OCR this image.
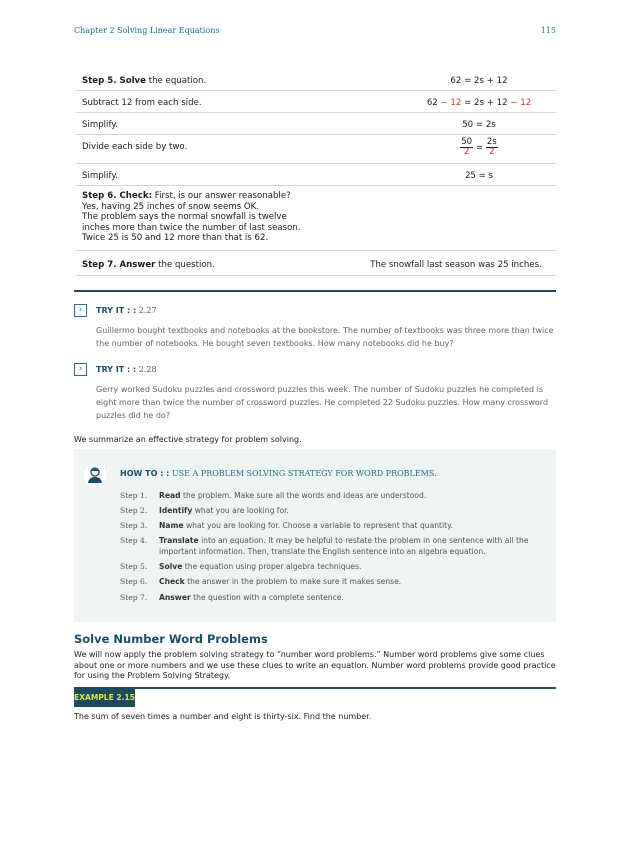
Chapter 2 Solving Linear Equations	115
Step 5. Solve the equation.	62 = 2s + 12
Subtract 12 from each side.	62 − 12 = 2s + 12 − 12
Simplify.	50 = 2s
Divide each side by two.	$\frac{50}{2} = \frac{2s}{2}$
Simplify.	25 = s
Step 6. Check: First, is our answer reasonable?
Yes, having 25 inches of snow seems OK.
The problem says the normal snowfall is twelve
inches more than twice the number of last season.
Twice 25 is 50 and 12 more than that is 62.
Step 7. Answer the question.	The snowfall last season was 25 inches.
›	TRY IT : : 2.27
Guillermo bought textbooks and notebooks at the bookstore. The number of textbooks was three more than twice the number of notebooks. He bought seven textbooks. How many notebooks did he buy?
›	TRY IT : : 2.28
Gerry worked Sudoku puzzles and crossword puzzles this week. The number of Sudoku puzzles he completed is eight more than twice the number of crossword puzzles. He completed 22 Sudoku puzzles. How many crossword puzzles did he do?
We summarize an effective strategy for problem solving.
HOW TO : : USE A PROBLEM SOLVING STRATEGY FOR WORD PROBLEMS.
Step 1. Read the problem. Make sure all the words and ideas are understood.
Step 2. Identify what you are looking for.
Step 3. Name what you are looking for. Choose a variable to represent that quantity.
Step 4. Translate into an equation. It may be helpful to restate the problem in one sentence with all the important information. Then, translate the English sentence into an algebra equation.
Step 5. Solve the equation using proper algebra techniques.
Step 6. Check the answer in the problem to make sure it makes sense.
Step 7. Answer the question with a complete sentence.
Solve Number Word Problems
We will now apply the problem solving strategy to “number word problems.” Number word problems give some clues about one or more numbers and we use these clues to write an equation. Number word problems provide good practice for using the Problem Solving Strategy.
EXAMPLE 2.15
The sum of seven times a number and eight is thirty-six. Find the number.
